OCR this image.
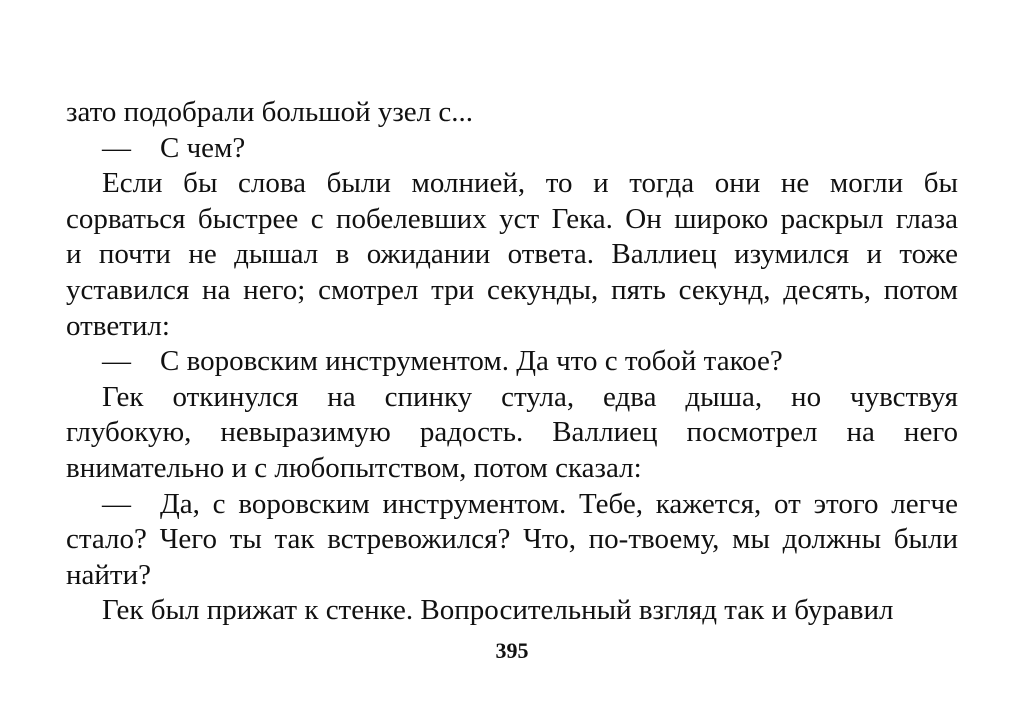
зато подобрали большой узел с...
— С чем?
Если бы слова были молнией, то и тогда они не могли бы
сорваться быстрее с побелевших уст Гека. Он широко раскрыл глаза
и почти не дышал в ожидании ответа. Валлиец изумился и тоже
уставился на него; смотрел три секунды, пять секунд, десять, потом
ответил:
— С воровским инструментом. Да что с тобой такое?
Гек откинулся на спинку стула, едва дыша, но чувствуя
глубокую, невыразимую радость. Валлиец посмотрел на него
внимательно и с любопытством, потом сказал:
— Да, с воровским инструментом. Тебе, кажется, от этого легче
стало? Чего ты так встревожился? Что, по-твоему, мы должны были
найти?
Гек был прижат к стенке. Вопросительный взгляд так и буравил
395
